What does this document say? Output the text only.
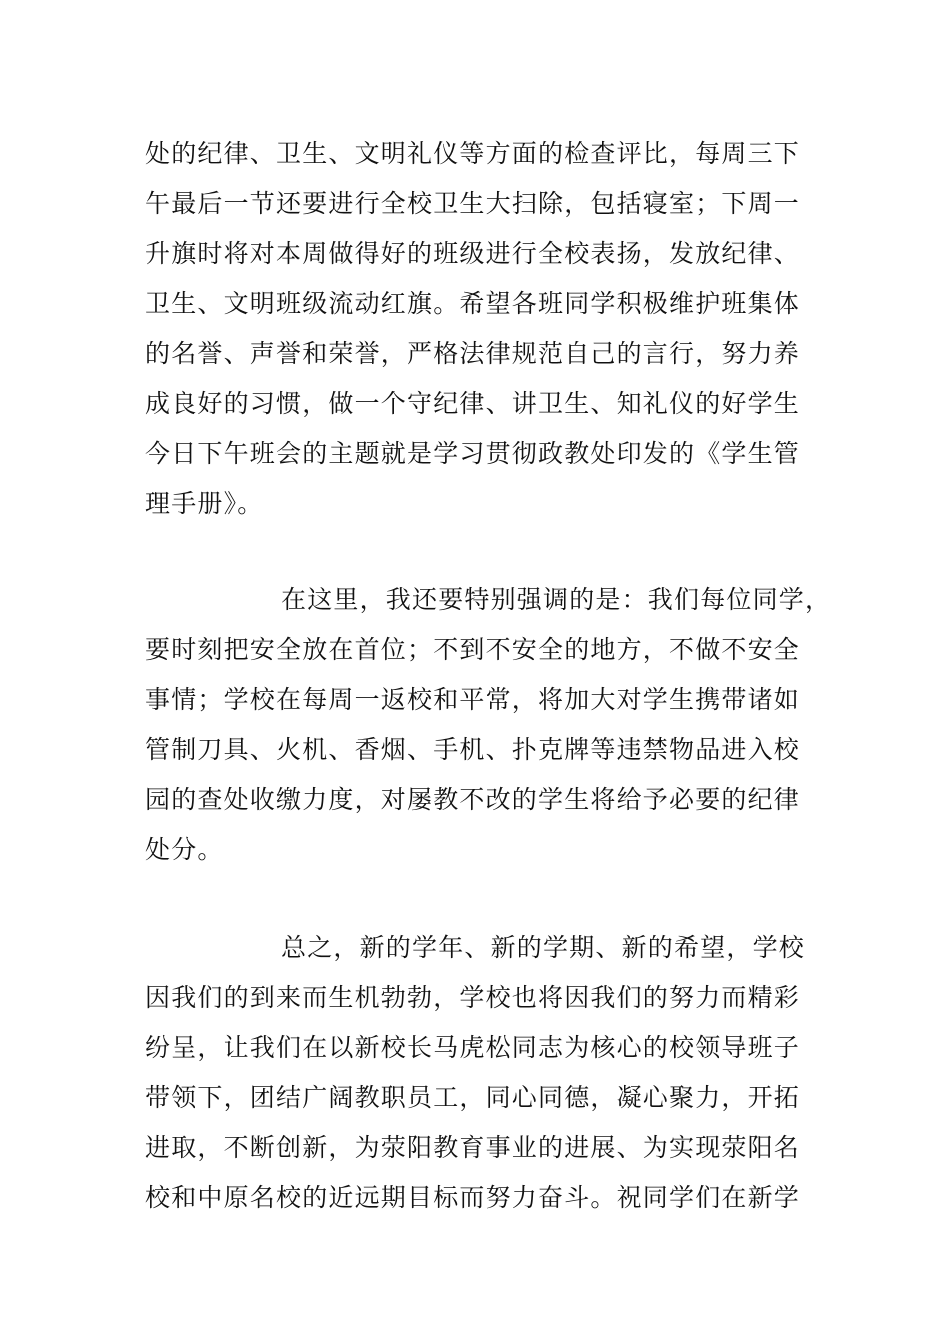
处的纪律、卫生、文明礼仪等方面的检查评比，每周三下
午最后一节还要进行全校卫生大扫除，包括寝室；下周一
升旗时将对本周做得好的班级进行全校表扬，发放纪律、
卫生、文明班级流动红旗。希望各班同学积极维护班集体
的名誉、声誉和荣誉，严格法律规范自己的言行，努力养
成良好的习惯，做一个守纪律、讲卫生、知礼仪的好学生
今日下午班会的主题就是学习贯彻政教处印发的《学生管
理手册》。
在这里，我还要特别强调的是：我们每位同学，
要时刻把安全放在首位；不到不安全的地方，不做不安全
事情；学校在每周一返校和平常，将加大对学生携带诸如
管制刀具、火机、香烟、手机、扑克牌等违禁物品进入校
园的查处收缴力度，对屡教不改的学生将给予必要的纪律
处分。
总之，新的学年、新的学期、新的希望，学校
因我们的到来而生机勃勃，学校也将因我们的努力而精彩
纷呈，让我们在以新校长马虎松同志为核心的校领导班子
带领下，团结广阔教职员工，同心同德，凝心聚力，开拓
进取，不断创新，为荥阳教育事业的进展、为实现荥阳名
校和中原名校的近远期目标而努力奋斗。祝同学们在新学
